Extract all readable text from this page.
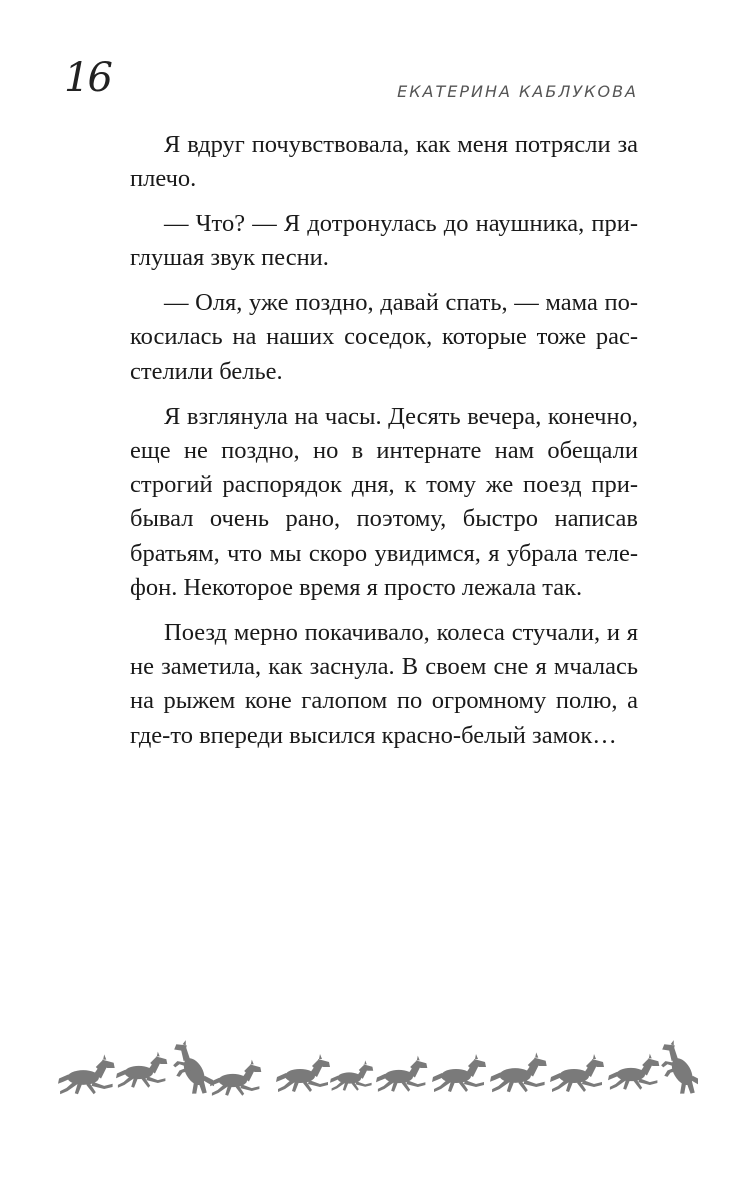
16	ЕКАТЕРИНА КАБЛУКОВА

Я вдруг почувствовала, как меня потрясли за плечо.

— Что? — Я дотронулась до наушника, приглушая звук песни.

— Оля, уже поздно, давай спать, — мама покосилась на наших соседок, которые тоже расстелили белье.

Я взглянула на часы. Десять вечера, конечно, еще не поздно, но в интернате нам обещали строгий распорядок дня, к тому же поезд прибывал очень рано, поэтому, быстро написав братьям, что мы скоро увидимся, я убрала телефон. Некоторое время я просто лежала так.

Поезд мерно покачивало, колеса стучали, и я не заметила, как заснула. В своем сне я мчалась на рыжем коне галопом по огромному полю, а где-то впереди высился красно-белый замок…
